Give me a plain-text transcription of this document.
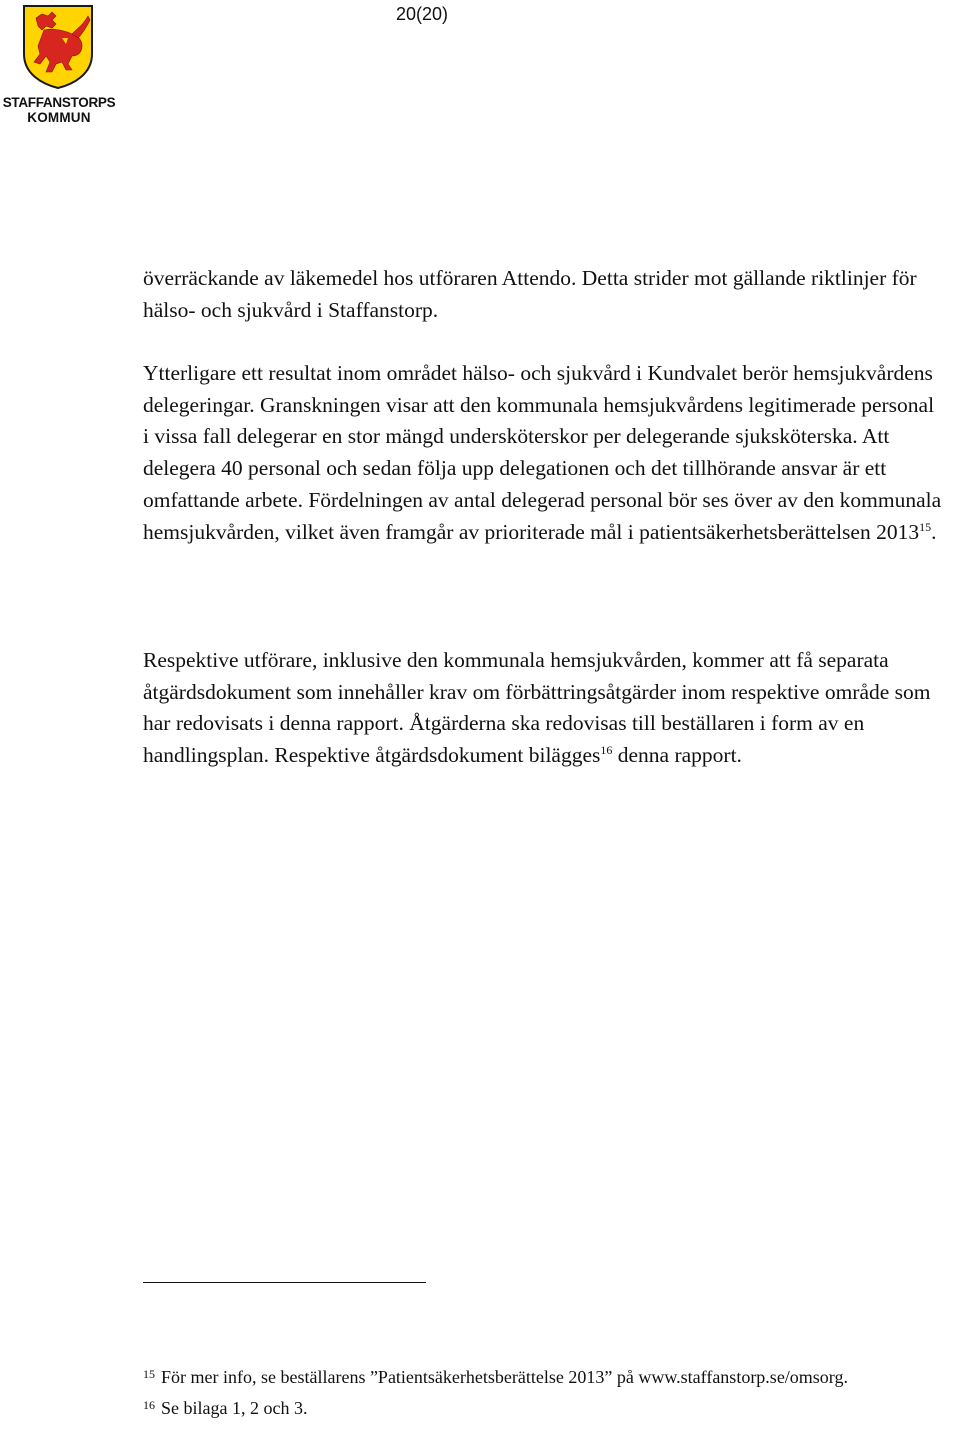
STAFFANSTORPS
KOMMUN
20(20)

överräckande av läkemedel hos utföraren Attendo. Detta strider mot gällande riktlinjer för hälso- och sjukvård i Staffanstorp.

Ytterligare ett resultat inom området hälso- och sjukvård i Kundvalet berör hemsjukvårdens delegeringar. Granskningen visar att den kommunala hemsjukvårdens legitimerade personal i vissa fall delegerar en stor mängd undersköterskor per delegerande sjuksköterska. Att delegera 40 personal och sedan följa upp delegationen och det tillhörande ansvar är ett omfattande arbete. Fördelningen av antal delegerad personal bör ses över av den kommunala hemsjukvården, vilket även framgår av prioriterade mål i patientsäkerhetsberättelsen 2013$^{15}$.

Respektive utförare, inklusive den kommunala hemsjukvården, kommer att få separata åtgärdsdokument som innehåller krav om förbättringsåtgärder inom respektive område som har redovisats i denna rapport. Åtgärderna ska redovisas till beställaren i form av en handlingsplan. Respektive åtgärdsdokument bilägges$^{16}$ denna rapport.

$^{15}$ För mer info, se beställarens ”Patientsäkerhetsberättelse 2013” på www.staffanstorp.se/omsorg.

$^{16}$ Se bilaga 1, 2 och 3.
